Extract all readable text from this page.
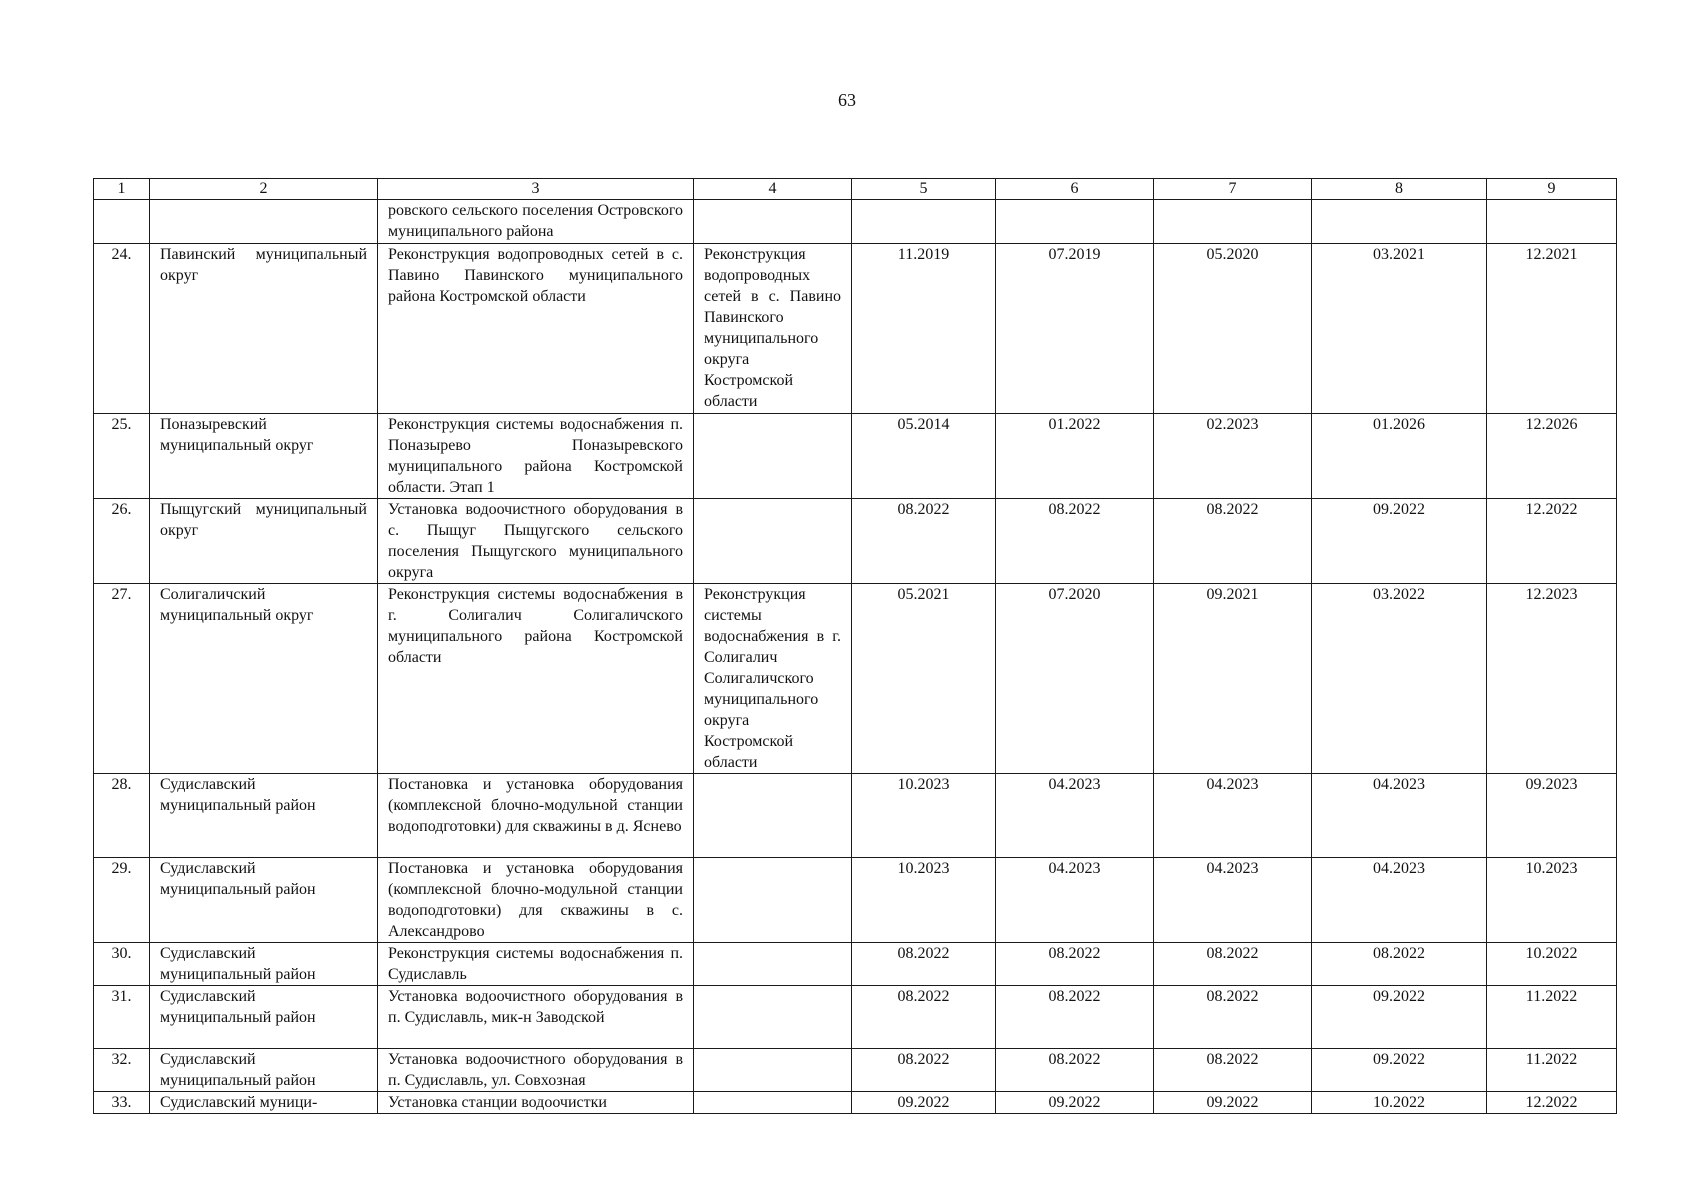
63
1	2	3	4	5	6	7	8	9
		ровского сельского поселения Островского муниципального района						
24.	Павинский муниципальный округ	Реконструкция водопроводных сетей в с. Павино Павинского муниципального района Костромской области	Реконструкция водопроводных сетей в с. Павино Павинского муниципального округа Костромской области	11.2019	07.2019	05.2020	03.2021	12.2021
25.	Поназыревский муниципальный округ	Реконструкция системы водоснабжения п. Поназырево Поназыревского муниципального района Костромской области. Этап 1		05.2014	01.2022	02.2023	01.2026	12.2026
26.	Пыщугский муниципальный округ	Установка водоочистного оборудования в с. Пыщуг Пыщугского сельского поселения Пыщугского муниципального округа		08.2022	08.2022	08.2022	09.2022	12.2022
27.	Солигаличский муниципальный округ	Реконструкция системы водоснабжения в г. Солигалич Солигаличского муниципального района Костромской области	Реконструкция системы водоснабжения в г. Солигалич Солигаличского муниципального округа Костромской области	05.2021	07.2020	09.2021	03.2022	12.2023
28.	Судиславский муниципальный район	Постановка и установка оборудования (комплексной блочно-модульной станции водоподготовки) для скважины в д. Яснево		10.2023	04.2023	04.2023	04.2023	09.2023
29.	Судиславский муниципальный район	Постановка и установка оборудования (комплексной блочно-модульной станции водоподготовки) для скважины в с. Александрово		10.2023	04.2023	04.2023	04.2023	10.2023
30.	Судиславский муниципальный район	Реконструкция системы водоснабжения п. Судиславль		08.2022	08.2022	08.2022	08.2022	10.2022
31.	Судиславский муниципальный район	Установка водоочистного оборудования в п. Судиславль, мик-н Заводской		08.2022	08.2022	08.2022	09.2022	11.2022
32.	Судиславский муниципальный район	Установка водоочистного оборудования в п. Судиславль, ул. Совхозная		08.2022	08.2022	08.2022	09.2022	11.2022
33.	Судиславский муници-	Установка станции водоочистки		09.2022	09.2022	09.2022	10.2022	12.2022
